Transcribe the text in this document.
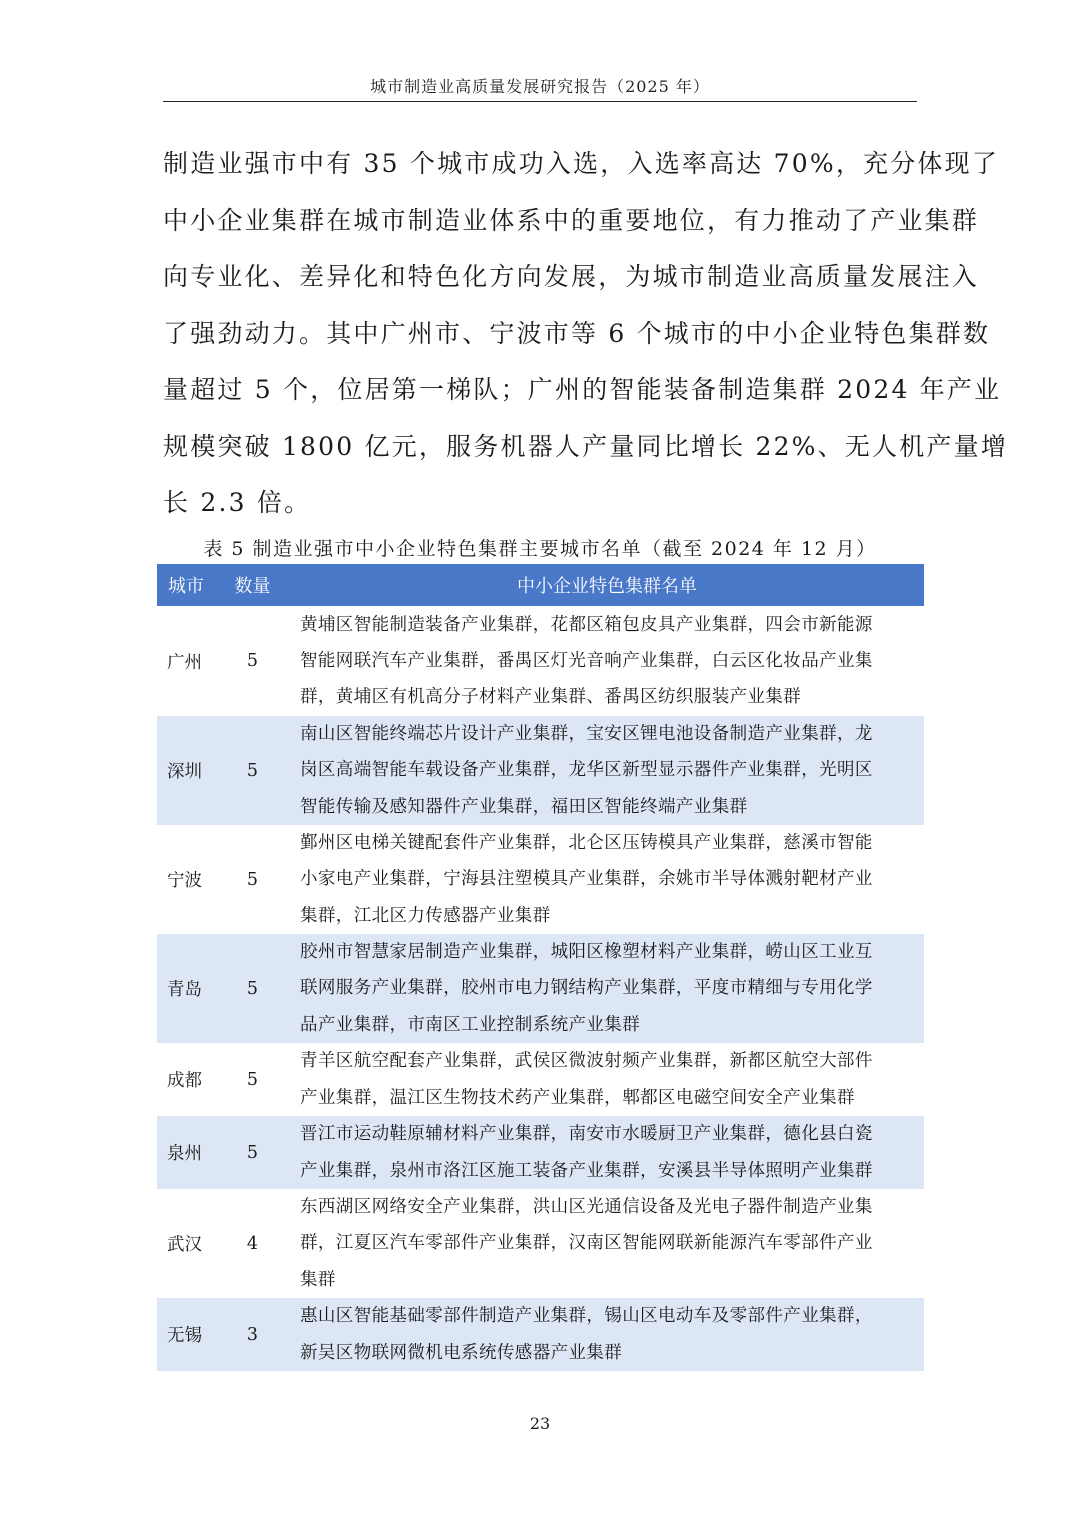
城市制造业高质量发展研究报告（2025 年）

制造业强市中有 35 个城市成功入选，入选率高达 70%，充分体现了
中小企业集群在城市制造业体系中的重要地位，有力推动了产业集群
向专业化、差异化和特色化方向发展，为城市制造业高质量发展注入
了强劲动力。其中广州市、宁波市等 6 个城市的中小企业特色集群数
量超过 5 个，位居第一梯队；广州的智能装备制造集群 2024 年产业
规模突破 1800 亿元，服务机器人产量同比增长 22%、无人机产量增
长 2.3 倍。

表 5 制造业强市中小企业特色集群主要城市名单（截至 2024 年 12 月）
城市	数量	中小企业特色集群名单
广州	5	黄埔区智能制造装备产业集群，花都区箱包皮具产业集群，四会市新能源
智能网联汽车产业集群，番禺区灯光音响产业集群，白云区化妆品产业集
群，黄埔区有机高分子材料产业集群、番禺区纺织服装产业集群

深圳	5	南山区智能终端芯片设计产业集群，宝安区锂电池设备制造产业集群，龙
岗区高端智能车载设备产业集群，龙华区新型显示器件产业集群，光明区
智能传输及感知器件产业集群，福田区智能终端产业集群

宁波	5	鄞州区电梯关键配套件产业集群，北仑区压铸模具产业集群，慈溪市智能
小家电产业集群，宁海县注塑模具产业集群，余姚市半导体溅射靶材产业
集群，江北区力传感器产业集群

青岛	5	胶州市智慧家居制造产业集群，城阳区橡塑材料产业集群，崂山区工业互
联网服务产业集群，胶州市电力钢结构产业集群，平度市精细与专用化学
品产业集群，市南区工业控制系统产业集群

成都	5	青羊区航空配套产业集群，武侯区微波射频产业集群，新都区航空大部件
产业集群，温江区生物技术药产业集群，郫都区电磁空间安全产业集群

泉州	5	晋江市运动鞋原辅材料产业集群，南安市水暖厨卫产业集群，德化县白瓷
产业集群，泉州市洛江区施工装备产业集群，安溪县半导体照明产业集群

武汉	4	东西湖区网络安全产业集群，洪山区光通信设备及光电子器件制造产业集
群，江夏区汽车零部件产业集群，汉南区智能网联新能源汽车零部件产业
集群

无锡	3	惠山区智能基础零部件制造产业集群，锡山区电动车及零部件产业集群，
新吴区物联网微机电系统传感器产业集群
23
